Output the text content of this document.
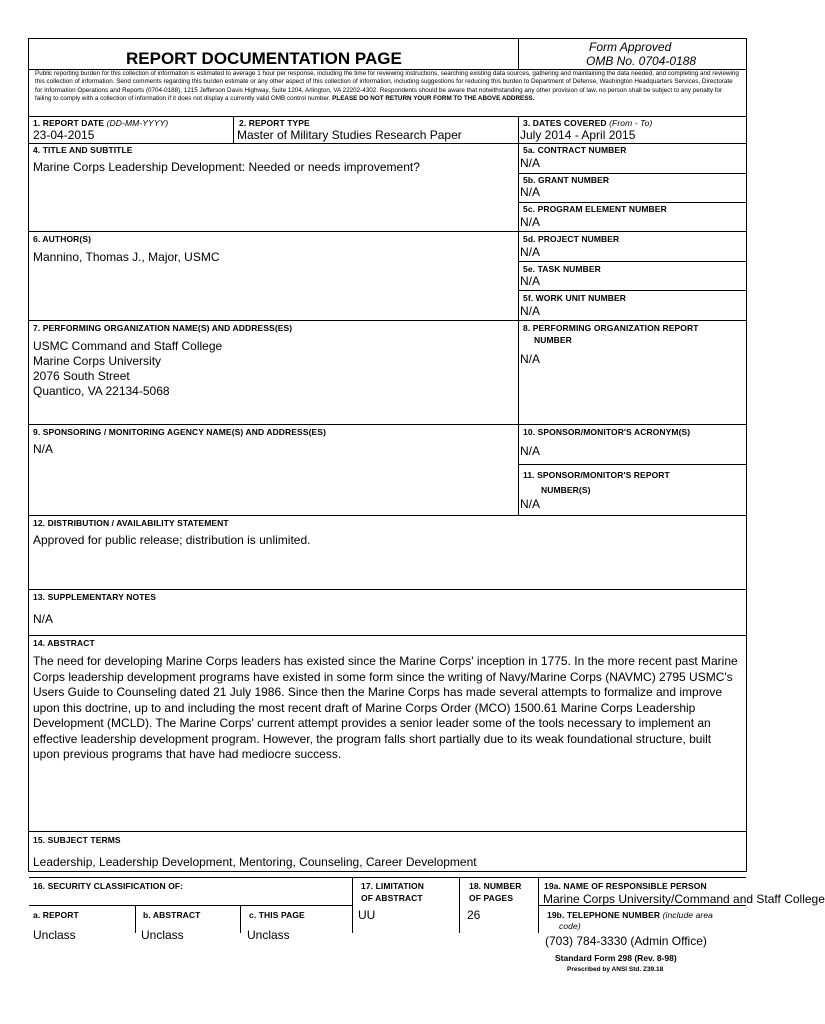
REPORT DOCUMENTATION PAGE
Form Approved
OMB No. 0704-0188
Public reporting burden for this collection of information is estimated to average 1 hour per response, including the time for reviewing instructions, searching existing data sources, gathering and maintaining the data needed, and completing and reviewing this collection of information. Send comments regarding this burden estimate or any other aspect of this collection of information, including suggestions for reducing this burden to Department of Defense, Washington Headquarters Services, Directorate for Information Operations and Reports (0704-0188), 1215 Jefferson Davis Highway, Suite 1204, Arlington, VA 22202-4302. Respondents should be aware that notwithstanding any other provision of law, no person shall be subject to any penalty for failing to comply with a collection of information if it does not display a currently valid OMB control number. PLEASE DO NOT RETURN YOUR FORM TO THE ABOVE ADDRESS.
1. REPORT DATE (DD-MM-YYYY)
23-04-2015
2. REPORT TYPE
Master of Military Studies Research Paper
3. DATES COVERED (From - To)
July 2014 - April 2015
4. TITLE AND SUBTITLE
Marine Corps Leadership Development: Needed or needs improvement?
5a. CONTRACT NUMBER
N/A
5b. GRANT NUMBER
N/A
5c. PROGRAM ELEMENT NUMBER
N/A
6. AUTHOR(S)
Mannino, Thomas J., Major, USMC
5d. PROJECT NUMBER
N/A
5e. TASK NUMBER
N/A
5f. WORK UNIT NUMBER
N/A
7. PERFORMING ORGANIZATION NAME(S) AND ADDRESS(ES)
USMC Command and Staff College
Marine Corps University
2076 South Street
Quantico, VA 22134-5068
8. PERFORMING ORGANIZATION REPORT
NUMBER
N/A
9. SPONSORING / MONITORING AGENCY NAME(S) AND ADDRESS(ES)
N/A
10. SPONSOR/MONITOR'S ACRONYM(S)
N/A
11. SPONSOR/MONITOR'S REPORT
NUMBER(S)
N/A
12. DISTRIBUTION / AVAILABILITY STATEMENT
Approved for public release; distribution is unlimited.
13. SUPPLEMENTARY NOTES
N/A
14. ABSTRACT
The need for developing Marine Corps leaders has existed since the Marine Corps' inception in 1775. In the more recent past Marine Corps leadership development programs have existed in some form since the writing of Navy/Marine Corps (NAVMC) 2795 USMC's Users Guide to Counseling dated 21 July 1986. Since then the Marine Corps has made several attempts to formalize and improve upon this doctrine, up to and including the most recent draft of Marine Corps Order (MCO) 1500.61 Marine Corps Leadership Development (MCLD). The Marine Corps' current attempt provides a senior leader some of the tools necessary to implement an effective leadership development program. However, the program falls short partially due to its weak foundational structure, built upon previous programs that have had mediocre success.
15. SUBJECT TERMS
Leadership, Leadership Development, Mentoring, Counseling, Career Development
16. SECURITY CLASSIFICATION OF:
a. REPORT
Unclass
b. ABSTRACT
Unclass
c. THIS PAGE
Unclass
17. LIMITATION
OF ABSTRACT
UU
18. NUMBER
OF PAGES
26
19a. NAME OF RESPONSIBLE PERSON
Marine Corps University/Command and Staff College
19b. TELEPHONE NUMBER (include area
code)
(703) 784-3330 (Admin Office)
Standard Form 298 (Rev. 8-98)
Prescribed by ANSI Std. Z39.18
